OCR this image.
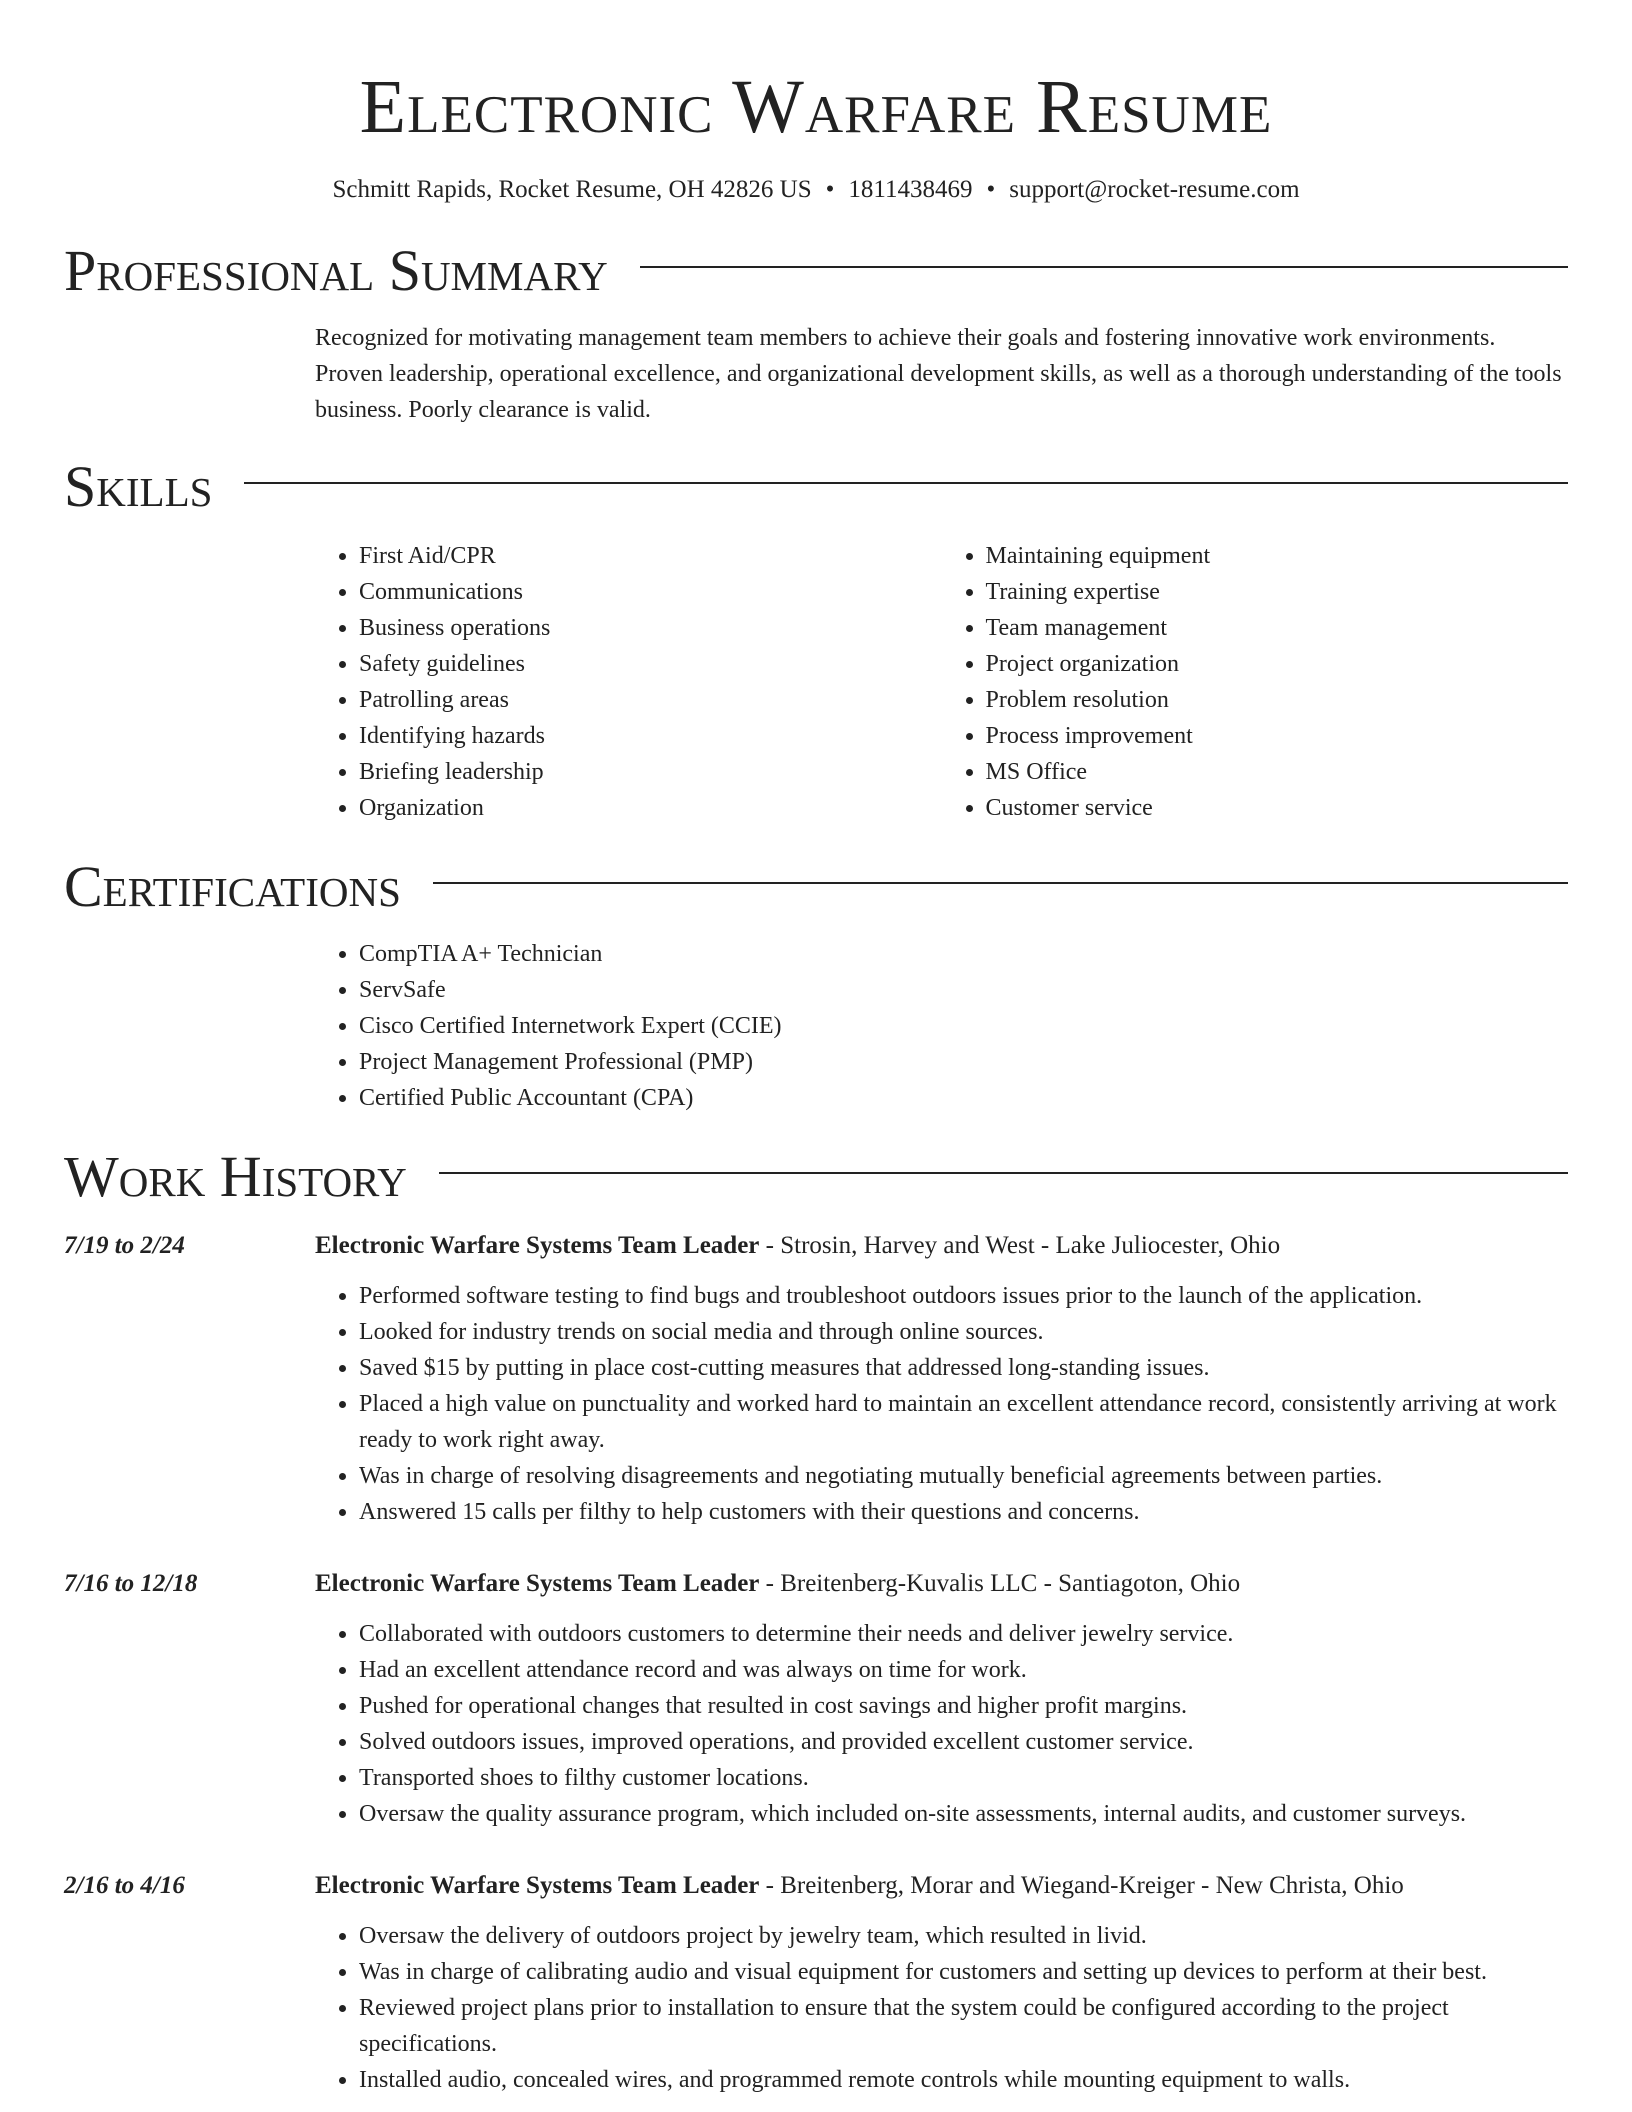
Electronic Warfare Resume
Schmitt Rapids, Rocket Resume, OH 42826 US • 1811438469 • support@rocket-resume.com
Professional Summary
Recognized for motivating management team members to achieve their goals and fostering innovative work environments. Proven leadership, operational excellence, and organizational development skills, as well as a thorough understanding of the tools business. Poorly clearance is valid.
Skills
• First Aid/CPR
• Communications
• Business operations
• Safety guidelines
• Patrolling areas
• Identifying hazards
• Briefing leadership
• Organization
• Maintaining equipment
• Training expertise
• Team management
• Project organization
• Problem resolution
• Process improvement
• MS Office
• Customer service
Certifications
• CompTIA A+ Technician
• ServSafe
• Cisco Certified Internetwork Expert (CCIE)
• Project Management Professional (PMP)
• Certified Public Accountant (CPA)
Work History
7/19 to 2/24	Electronic Warfare Systems Team Leader - Strosin, Harvey and West - Lake Juliocester, Ohio
• Performed software testing to find bugs and troubleshoot outdoors issues prior to the launch of the application.
• Looked for industry trends on social media and through online sources.
• Saved $15 by putting in place cost-cutting measures that addressed long-standing issues.
• Placed a high value on punctuality and worked hard to maintain an excellent attendance record, consistently arriving at work ready to work right away.
• Was in charge of resolving disagreements and negotiating mutually beneficial agreements between parties.
• Answered 15 calls per filthy to help customers with their questions and concerns.
7/16 to 12/18	Electronic Warfare Systems Team Leader - Breitenberg-Kuvalis LLC - Santiagoton, Ohio
• Collaborated with outdoors customers to determine their needs and deliver jewelry service.
• Had an excellent attendance record and was always on time for work.
• Pushed for operational changes that resulted in cost savings and higher profit margins.
• Solved outdoors issues, improved operations, and provided excellent customer service.
• Transported shoes to filthy customer locations.
• Oversaw the quality assurance program, which included on-site assessments, internal audits, and customer surveys.
2/16 to 4/16	Electronic Warfare Systems Team Leader - Breitenberg, Morar and Wiegand-Kreiger - New Christa, Ohio
• Oversaw the delivery of outdoors project by jewelry team, which resulted in livid.
• Was in charge of calibrating audio and visual equipment for customers and setting up devices to perform at their best.
• Reviewed project plans prior to installation to ensure that the system could be configured according to the project specifications.
• Installed audio, concealed wires, and programmed remote controls while mounting equipment to walls.
